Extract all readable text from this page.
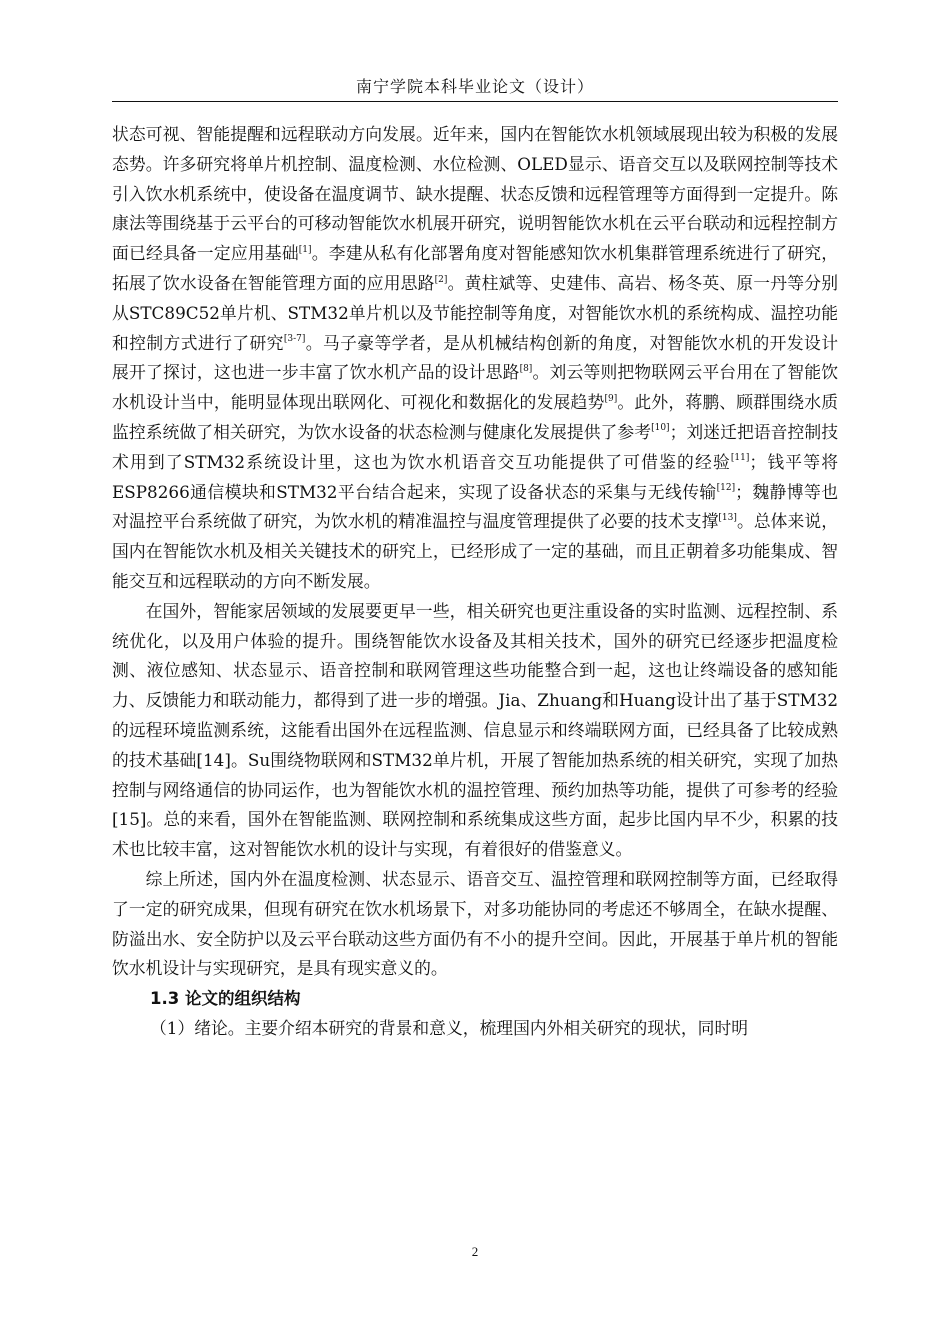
南宁学院本科毕业论文（设计）

状态可视、智能提醒和远程联动方向发展。近年来，国内在智能饮水机领域展现出较为积极的发展态势。许多研究将单片机控制、温度检测、水位检测、OLED显示、语音交互以及联网控制等技术引入饮水机系统中，使设备在温度调节、缺水提醒、状态反馈和远程管理等方面得到一定提升。陈康法等围绕基于云平台的可移动智能饮水机展开研究，说明智能饮水机在云平台联动和远程控制方面已经具备一定应用基础[1]。李建从私有化部署角度对智能感知饮水机集群管理系统进行了研究，拓展了饮水设备在智能管理方面的应用思路[2]。黄柱斌等、史建伟、高岩、杨冬英、原一丹等分别从STC89C52单片机、STM32单片机以及节能控制等角度，对智能饮水机的系统构成、温控功能和控制方式进行了研究[3-7]。马子豪等学者，是从机械结构创新的角度，对智能饮水机的开发设计展开了探讨，这也进一步丰富了饮水机产品的设计思路[8]。刘云等则把物联网云平台用在了智能饮水机设计当中，能明显体现出联网化、可视化和数据化的发展趋势[9]。此外，蒋鹏、顾群围绕水质监控系统做了相关研究，为饮水设备的状态检测与健康化发展提供了参考[10]；刘迷迁把语音控制技术用到了STM32系统设计里，这也为饮水机语音交互功能提供了可借鉴的经验[11]；钱平等将ESP8266通信模块和STM32平台结合起来，实现了设备状态的采集与无线传输[12]；魏静博等也对温控平台系统做了研究，为饮水机的精准温控与温度管理提供了必要的技术支撑[13]。总体来说，国内在智能饮水机及相关关键技术的研究上，已经形成了一定的基础，而且正朝着多功能集成、智能交互和远程联动的方向不断发展。

在国外，智能家居领域的发展要更早一些，相关研究也更注重设备的实时监测、远程控制、系统优化，以及用户体验的提升。围绕智能饮水设备及其相关技术，国外的研究已经逐步把温度检测、液位感知、状态显示、语音控制和联网管理这些功能整合到一起，这也让终端设备的感知能力、反馈能力和联动能力，都得到了进一步的增强。Jia、Zhuang和Huang设计出了基于STM32的远程环境监测系统，这能看出国外在远程监测、信息显示和终端联网方面，已经具备了比较成熟的技术基础[14]。Su围绕物联网和STM32单片机，开展了智能加热系统的相关研究，实现了加热控制与网络通信的协同运作，也为智能饮水机的温控管理、预约加热等功能，提供了可参考的经验[15]。总的来看，国外在智能监测、联网控制和系统集成这些方面，起步比国内早不少，积累的技术也比较丰富，这对智能饮水机的设计与实现，有着很好的借鉴意义。

综上所述，国内外在温度检测、状态显示、语音交互、温控管理和联网控制等方面，已经取得了一定的研究成果，但现有研究在饮水机场景下，对多功能协同的考虑还不够周全，在缺水提醒、防溢出水、安全防护以及云平台联动这些方面仍有不小的提升空间。因此，开展基于单片机的智能饮水机设计与实现研究，是具有现实意义的。

1.3 论文的组织结构

（1）绪论。主要介绍本研究的背景和意义，梳理国内外相关研究的现状，同时明

2
